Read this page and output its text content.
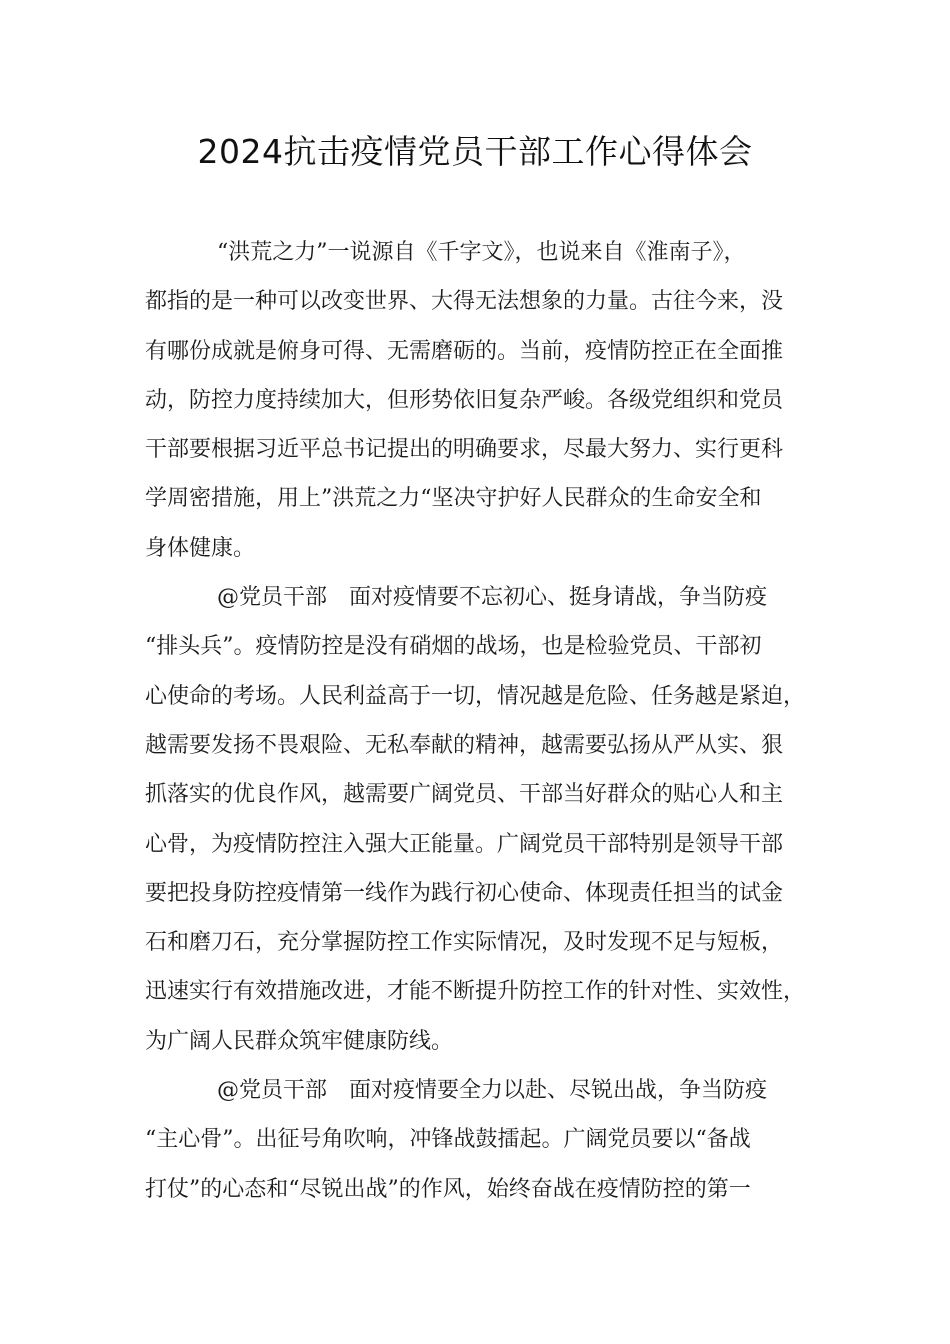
2024抗击疫情党员干部工作心得体会
“洪荒之力”一说源自《千字文》，也说来自《淮南子》，
都指的是一种可以改变世界、大得无法想象的力量。古往今来，没
有哪份成就是俯身可得、无需磨砺的。当前，疫情防控正在全面推
动，防控力度持续加大，但形势依旧复杂严峻。各级党组织和党员
干部要根据习近平总书记提出的明确要求，尽最大努力、实行更科
学周密措施，用上”洪荒之力“坚决守护好人民群众的生命安全和
身体健康。
@党员干部　面对疫情要不忘初心、挺身请战，争当防疫
“排头兵”。疫情防控是没有硝烟的战场，也是检验党员、干部初
心使命的考场。人民利益高于一切，情况越是危险、任务越是紧迫，
越需要发扬不畏艰险、无私奉献的精神，越需要弘扬从严从实、狠
抓落实的优良作风，越需要广阔党员、干部当好群众的贴心人和主
心骨，为疫情防控注入强大正能量。广阔党员干部特别是领导干部
要把投身防控疫情第一线作为践行初心使命、体现责任担当的试金
石和磨刀石，充分掌握防控工作实际情况，及时发现不足与短板，
迅速实行有效措施改进，才能不断提升防控工作的针对性、实效性，
为广阔人民群众筑牢健康防线。
@党员干部　面对疫情要全力以赴、尽锐出战，争当防疫
“主心骨”。出征号角吹响，冲锋战鼓擂起。广阔党员要以“备战
打仗”的心态和“尽锐出战”的作风，始终奋战在疫情防控的第一
